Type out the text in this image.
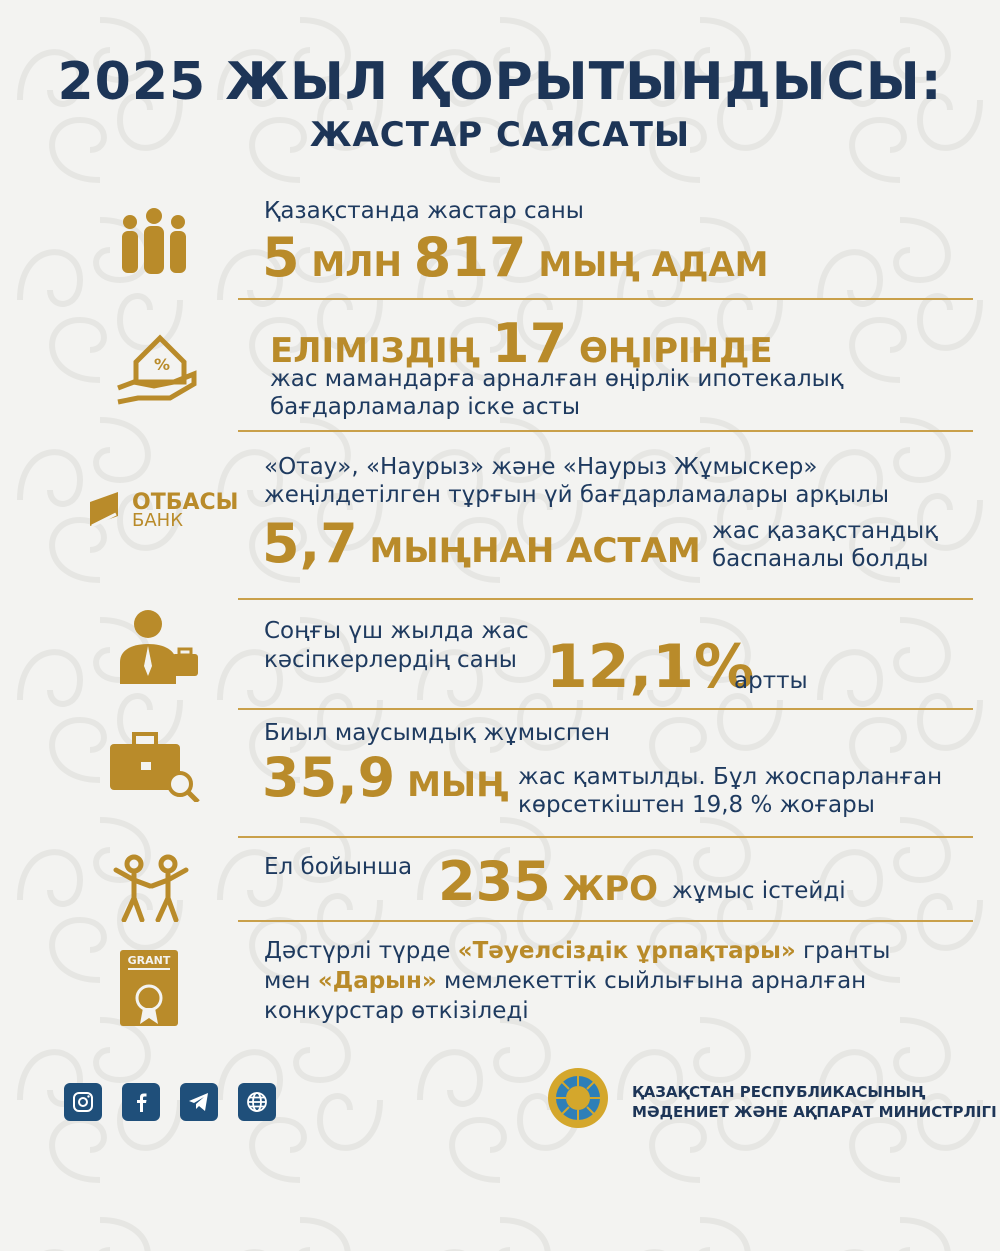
2025 ЖЫЛ ҚОРЫТЫНДЫСЫ:
ЖАСТАР САЯСАТЫ
Қазақстанда жастар саны
5 МЛН 817 МЫҢ АДАМ
%	ЕЛІМІЗДІҢ 17 ӨҢІРІНДЕ
жас мамандарға арналған өңірлік ипотекалық
бағдарламалар іске асты
ОТБАСЫ
БАНК
«Отау», «Наурыз» және «Наурыз Жұмыскер»
жеңілдетілген тұрғын үй бағдарламалары арқылы
5,7 МЫҢНАН АСТАМ жас қазақстандық
баспаналы болды
Соңғы үш жылда жас
кәсіпкерлердің саны 12,1%
артты
Биыл маусымдық жұмыспен
35,9 МЫҢ жас қамтылды. Бұл жоспарланған
көрсеткіштен 19,8 % жоғары
Ел бойынша 235 ЖРО жұмыс істейді
GRANT	Дәстүрлі түрде «Тәуелсіздік ұрпақтары» гранты
мен «Дарын» мемлекеттік сыйлығына арналған
конкурстар өткізіледі
ҚАЗАҚСТАН РЕСПУБЛИКАСЫНЫҢ
МӘДЕНИЕТ ЖӘНЕ АҚПАРАТ МИНИСТРЛІГІ
